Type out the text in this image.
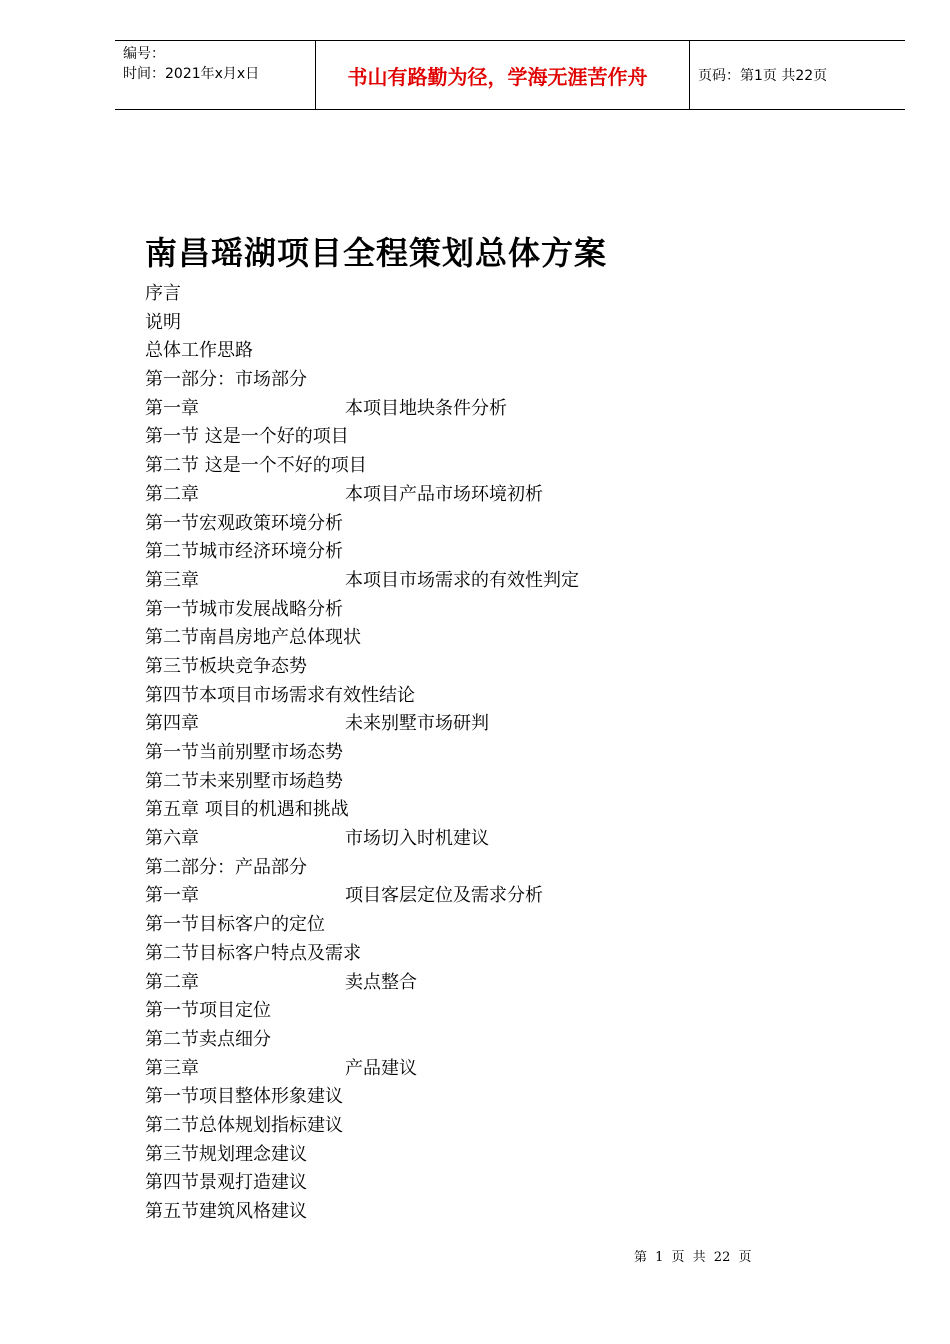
编号：
时间：2021年x月x日	书山有路勤为径，学海无涯苦作舟	页码：第1页 共22页
南昌瑶湖项目全程策划总体方案
序言
说明
总体工作思路
第一部分：市场部分
第一章	本项目地块条件分析
第一节 这是一个好的项目
第二节 这是一个不好的项目
第二章	本项目产品市场环境初析
第一节宏观政策环境分析
第二节城市经济环境分析
第三章	本项目市场需求的有效性判定
第一节城市发展战略分析
第二节南昌房地产总体现状
第三节板块竞争态势
第四节本项目市场需求有效性结论
第四章	未来别墅市场研判
第一节当前别墅市场态势
第二节未来别墅市场趋势
第五章 项目的机遇和挑战
第六章	市场切入时机建议
第二部分：产品部分
第一章	项目客层定位及需求分析
第一节目标客户的定位
第二节目标客户特点及需求
第二章	卖点整合
第一节项目定位
第二节卖点细分
第三章	产品建议
第一节项目整体形象建议
第二节总体规划指标建议
第三节规划理念建议
第四节景观打造建议
第五节建筑风格建议
第 1 页 共 22 页
